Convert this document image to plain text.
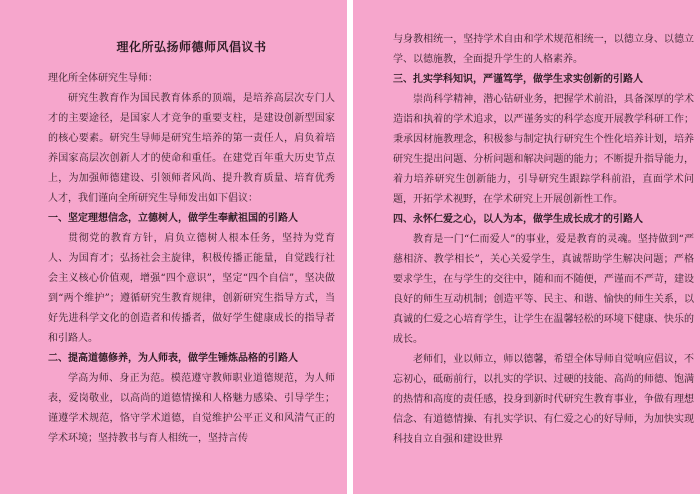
理化所弘扬师德师风倡议书

理化所全体研究生导师：

研究生教育作为国民教育体系的顶端，是培养高层次专门人才的主要途径，是国家人才竞争的重要支柱，是建设创新型国家的核心要素。研究生导师是研究生培养的第一责任人，肩负着培养国家高层次创新人才的使命和重任。在建党百年重大历史节点上，为加强师德建设、引领师者风尚、提升教育质量、培育优秀人才，我们谨向全所研究生导师发出如下倡议：

一、坚定理想信念，立德树人，做学生奉献祖国的引路人

贯彻党的教育方针，肩负立德树人根本任务，坚持为党育人、为国育才；弘扬社会主旋律，积极传播正能量，自觉践行社会主义核心价值观，增强“四个意识”，坚定“四个自信”，坚决做到“两个维护”；遵循研究生教育规律，创新研究生指导方式，当好先进科学文化的创造者和传播者，做好学生健康成长的指导者和引路人。

二、提高道德修养，为人师表，做学生锤炼品格的引路人

学高为师、身正为范。模范遵守教师职业道德规范，为人师表，爱岗敬业，以高尚的道德情操和人格魅力感染、引导学生；谨遵学术规范，恪守学术道德，自觉维护公平正义和风清气正的学术环境；坚持教书与育人相统一，坚持言传

与身教相统一，坚持学术自由和学术规范相统一，以德立身、以德立学、以德施教，全面提升学生的人格素养。

三、扎实学科知识，严谨笃学，做学生求实创新的引路人

崇尚科学精神，潜心钻研业务，把握学术前沿，具备深厚的学术造诣和执着的学术追求，以严谨务实的科学态度开展教学科研工作；秉承因材施教理念，积极参与制定执行研究生个性化培养计划，培养研究生提出问题、分析问题和解决问题的能力；不断提升指导能力，着力培养研究生创新能力，引导研究生跟踪学科前沿，直面学术问题，开拓学术视野，在学术研究上开展创新性工作。

四、永怀仁爱之心，以人为本，做学生成长成才的引路人

教育是一门“仁而爱人”的事业，爱是教育的灵魂。坚持做到“严慈相济、教学相长”，关心关爱学生，真诚帮助学生解决问题；严格要求学生，在与学生的交往中，随和而不随便，严谨而不严苛，建设良好的师生互动机制；创造平等、民主、和谐、愉快的师生关系，以真诚的仁爱之心培育学生，让学生在温馨轻松的环境下健康、快乐的成长。

老师们，业以师立，师以德馨，希望全体导师自觉响应倡议，不忘初心，砥砺前行，以扎实的学识、过硬的技能、高尚的师德、饱满的热情和高度的责任感，投身到新时代研究生教育事业，争做有理想信念、有道德情操、有扎实学识、有仁爱之心的好导师，为加快实现科技自立自强和建设世界
